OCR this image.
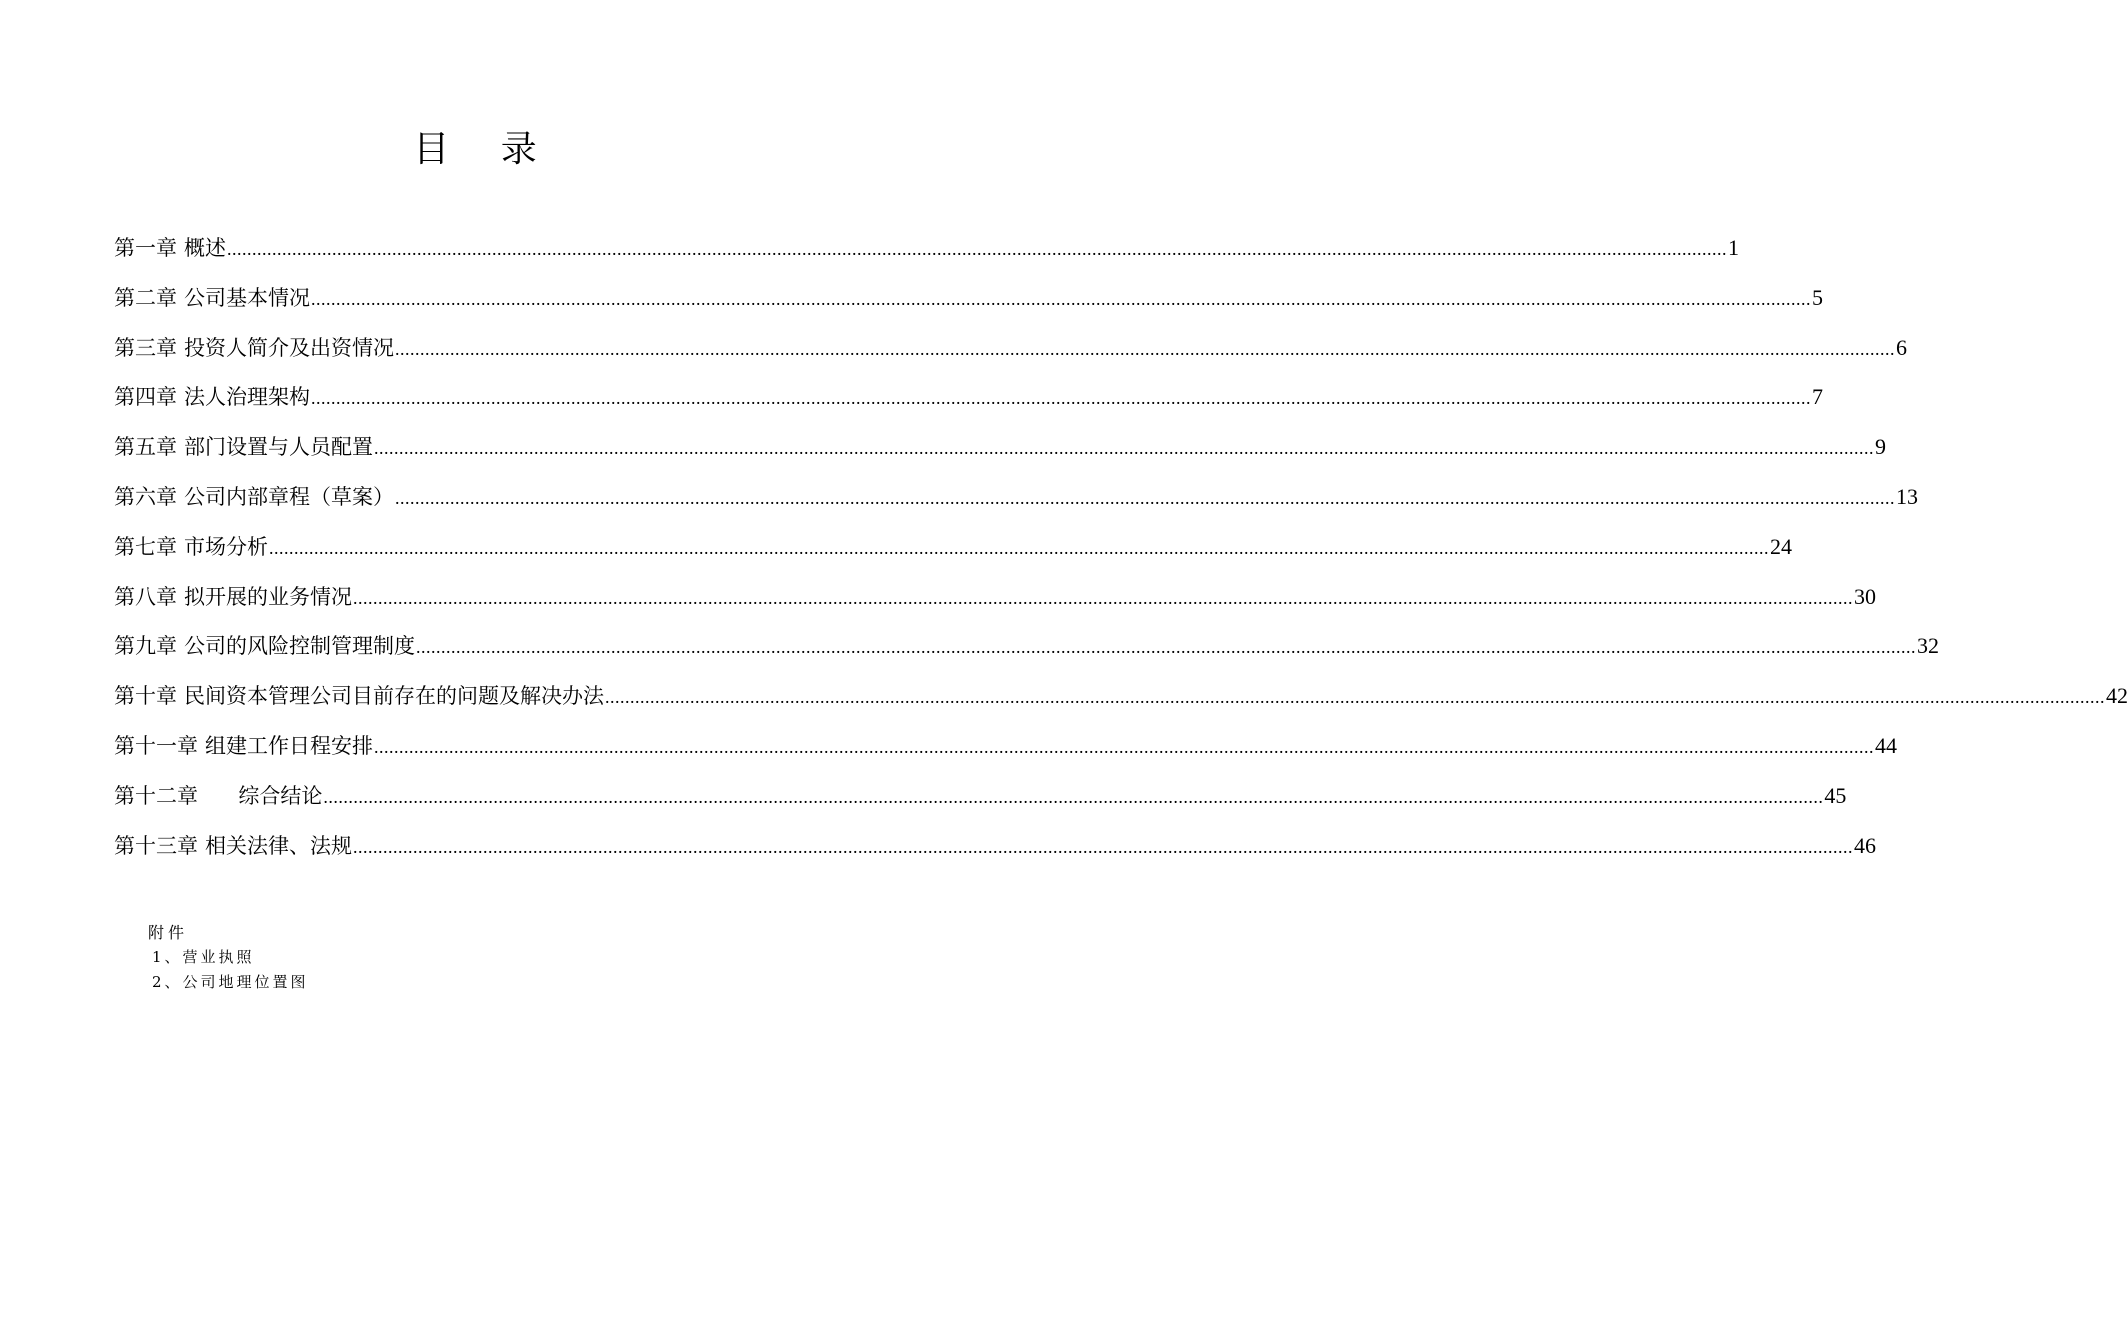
目 录
第一章 概述 ............................................................................................................................................................................................................................................................................................................ 1
第二章 公司基本情况 ............................................................................................................................................................................................................................................................................................................ 5
第三章 投资人简介及出资情况 ............................................................................................................................................................................................................................................................................................................ 6
第四章 法人治理架构 ............................................................................................................................................................................................................................................................................................................ 7
第五章 部门设置与人员配置 ............................................................................................................................................................................................................................................................................................................ 9
第六章 公司内部章程（草案） ............................................................................................................................................................................................................................................................................................................ 13
第七章 市场分析 ............................................................................................................................................................................................................................................................................................................ 24
第八章 拟开展的业务情况 ............................................................................................................................................................................................................................................................................................................ 30
第九章 公司的风险控制管理制度 ............................................................................................................................................................................................................................................................................................................ 32
第十章 民间资本管理公司目前存在的问题及解决办法 ............................................................................................................................................................................................................................................................................................................ 42
第十一章 组建工作日程安排 ............................................................................................................................................................................................................................................................................................................ 44
第十二章     综合结论 ............................................................................................................................................................................................................................................................................................................ 45
第十三章 相关法律、法规 ............................................................................................................................................................................................................................................................................................................ 46
附件
1、营业执照
2、公司地理位置图
